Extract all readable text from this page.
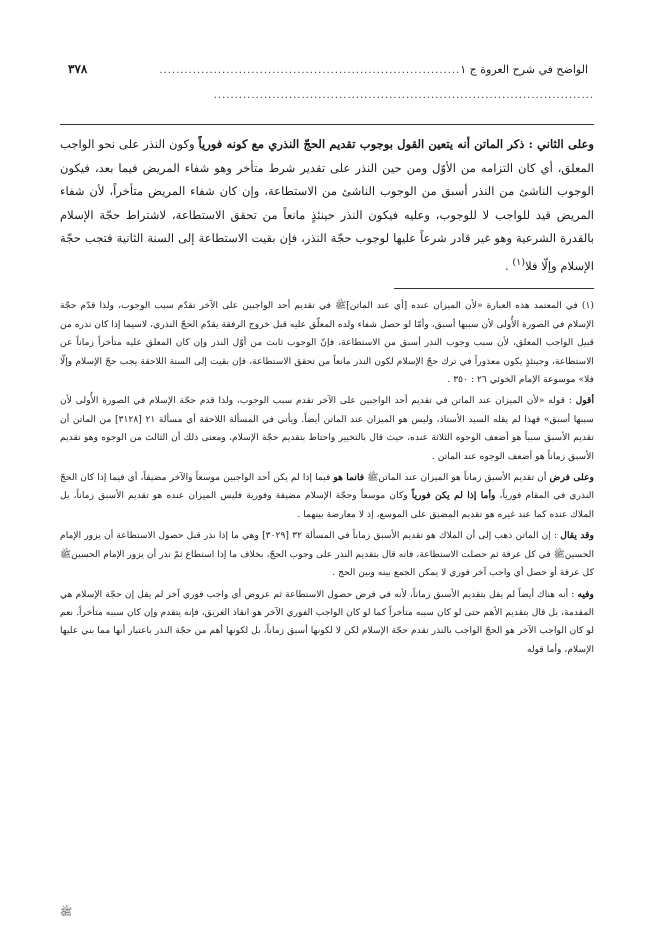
الواضح في شرح العروة ج ١
........................................................................
٣٧٨
...........................................................................................
وعلى الثاني : ذكر الماتن أنه يتعين القول بوجوب تقديم الحجّ النذري مع كونه فورياً وكون النذر على نحو الواجب المعلق، أي كان التزامه من الأوّل ومن حين النذر على تقدير شرط متأخر وهو شفاء المريض فيما بعد، فيكون الوجوب الناشئ من النذر أسبق من الوجوب الناشئ من الاستطاعة، وإن كان شفاء المريض متأخراً، لأن شفاء المريض قيد للواجب لا للوجوب، وعليه فيكون النذر حينئذٍ مانعاً من تحقق الاستطاعة، لاشتراط حجّة الإسلام بالقدرة الشرعية وهو غير قادر شرعاً عليها لوجوب حجّة النذر، فإن بقيت الاستطاعة إلى السنة الثانية فتجب حجّة الإسلام وإلّا فلا$^{(١)}$ .

(١) في المعتمد هذه العبارة «لأن الميزان عنده [أي عند الماتن]ﷺ في تقديم أحد الواجبين على الآخر تقدّم سبب الوجوب، ولذا قدّم حجّة الإسلام في الصورة الأُولى لأن سببها أسبق، وأمّا لو حصل شفاء ولده المعلّق عليه قبل خروج الرفقة يقدّم الحجّ النذري، لاسيما إذا كان نذره من قبيل الواجب المعلق، لأن سبب وجوب النذر أسبق من الاستطاعة، فإنّ الوجوب ثابت من أوّل النذر وإن كان المعلق عليه متأخراً زماناً عن الاستطاعة، وحينئذٍ يكون معذوراً في ترك حجّ الإسلام لكون النذر مانعاً من تحقق الاستطاعة، فإن بقيت إلى السنة اللاحقة يجب حجّ الإسلام وإلّا فلا» موسوعة الإمام الخوئي ٢٦ : ٣٥٠ .

أقول : قوله «لأن الميزان عند الماتن في تقديم أحد الواجبين على الآخر تقدم سبب الوجوب، ولذا قدم حجّة الإسلام في الصورة الأُولى لأن سببها أسبق» فهذا لم يقله السيد الأستاذ، وليس هو الميزان عند الماتن أيضاً. ويأتي في المسألة اللاحقة أي مسألة ٢١ [٣١٢٨] من الماتن أن تقديم الأسبق سبباً هو أضعف الوجوه الثلاثة عنده، حيث قال بالتخيير واحتاط بتقديم حجّة الإسلام، ومعنى ذلك أن الثالث من الوجوه وهو تقديم الأسبق زماناً هو أضعف الوجوه عند الماتن .

وعلى فرض أن تقديم الأسبق زماناً هو الميزان عند الماتنﷺ فانما هو فيما إذا لم يكن أحد الواجبين موسعاً والآخر مضيقاً، أي فيما إذا كان الحجّ النذري في المقام فورياً، وأما إذا لم يكن فورياً وكان موسعاً وحجّة الإسلام مضيقة وفورية فليس الميزان عنده هو تقديم الأسبق زماناً، بل الملاك عنده كما عند غيره هو تقديم المضيق على الموسع، إذ لا معارضة بينهما .

وقد يقال : إن الماتن ذهب إلى أن الملاك هو تقديم الأسبق زماناً في المسألة ٣٢ [٣٠٢٩] وهي ما إذا نذر قبل حصول الاستطاعة أن يزور الإمام الحسينﷺ في كل عرفة ثم حصلت الاستطاعة، فانه قال بتقديم النذر على وجوب الحجّ، بخلاف ما إذا استطاع ثمّ نذر أن يزور الإمام الحسينﷺ كل عرفة أو حصل أي واجب آخر فوري لا يمكن الجمع بينه وبين الحج .

وفيه : أنه هناك أيضاً لم يقل بتقديم الأسبق زماناً، لأنه في فرض حصول الاستطاعة ثم عروض أي واجب فوري آخر لم يقل إن حجّة الإسلام هي المقدمة، بل قال بتقديم الأهم حتى لو كان سببه متأخراً كما لو كان الواجب الفوري الآخر هو انقاذ الغريق، فإنه يتقدم وإن كان سببه متأخراً. نعم لو كان الواجب الآخر هو الحجّ الواجب بالنذر تقدم حجّة الإسلام لكن لا لكونها أسبق زماناً، بل لكونها أهم من حجّة النذر باعتبار أنها مما بني عليها الإسلام، وأما قوله

ﷺ
